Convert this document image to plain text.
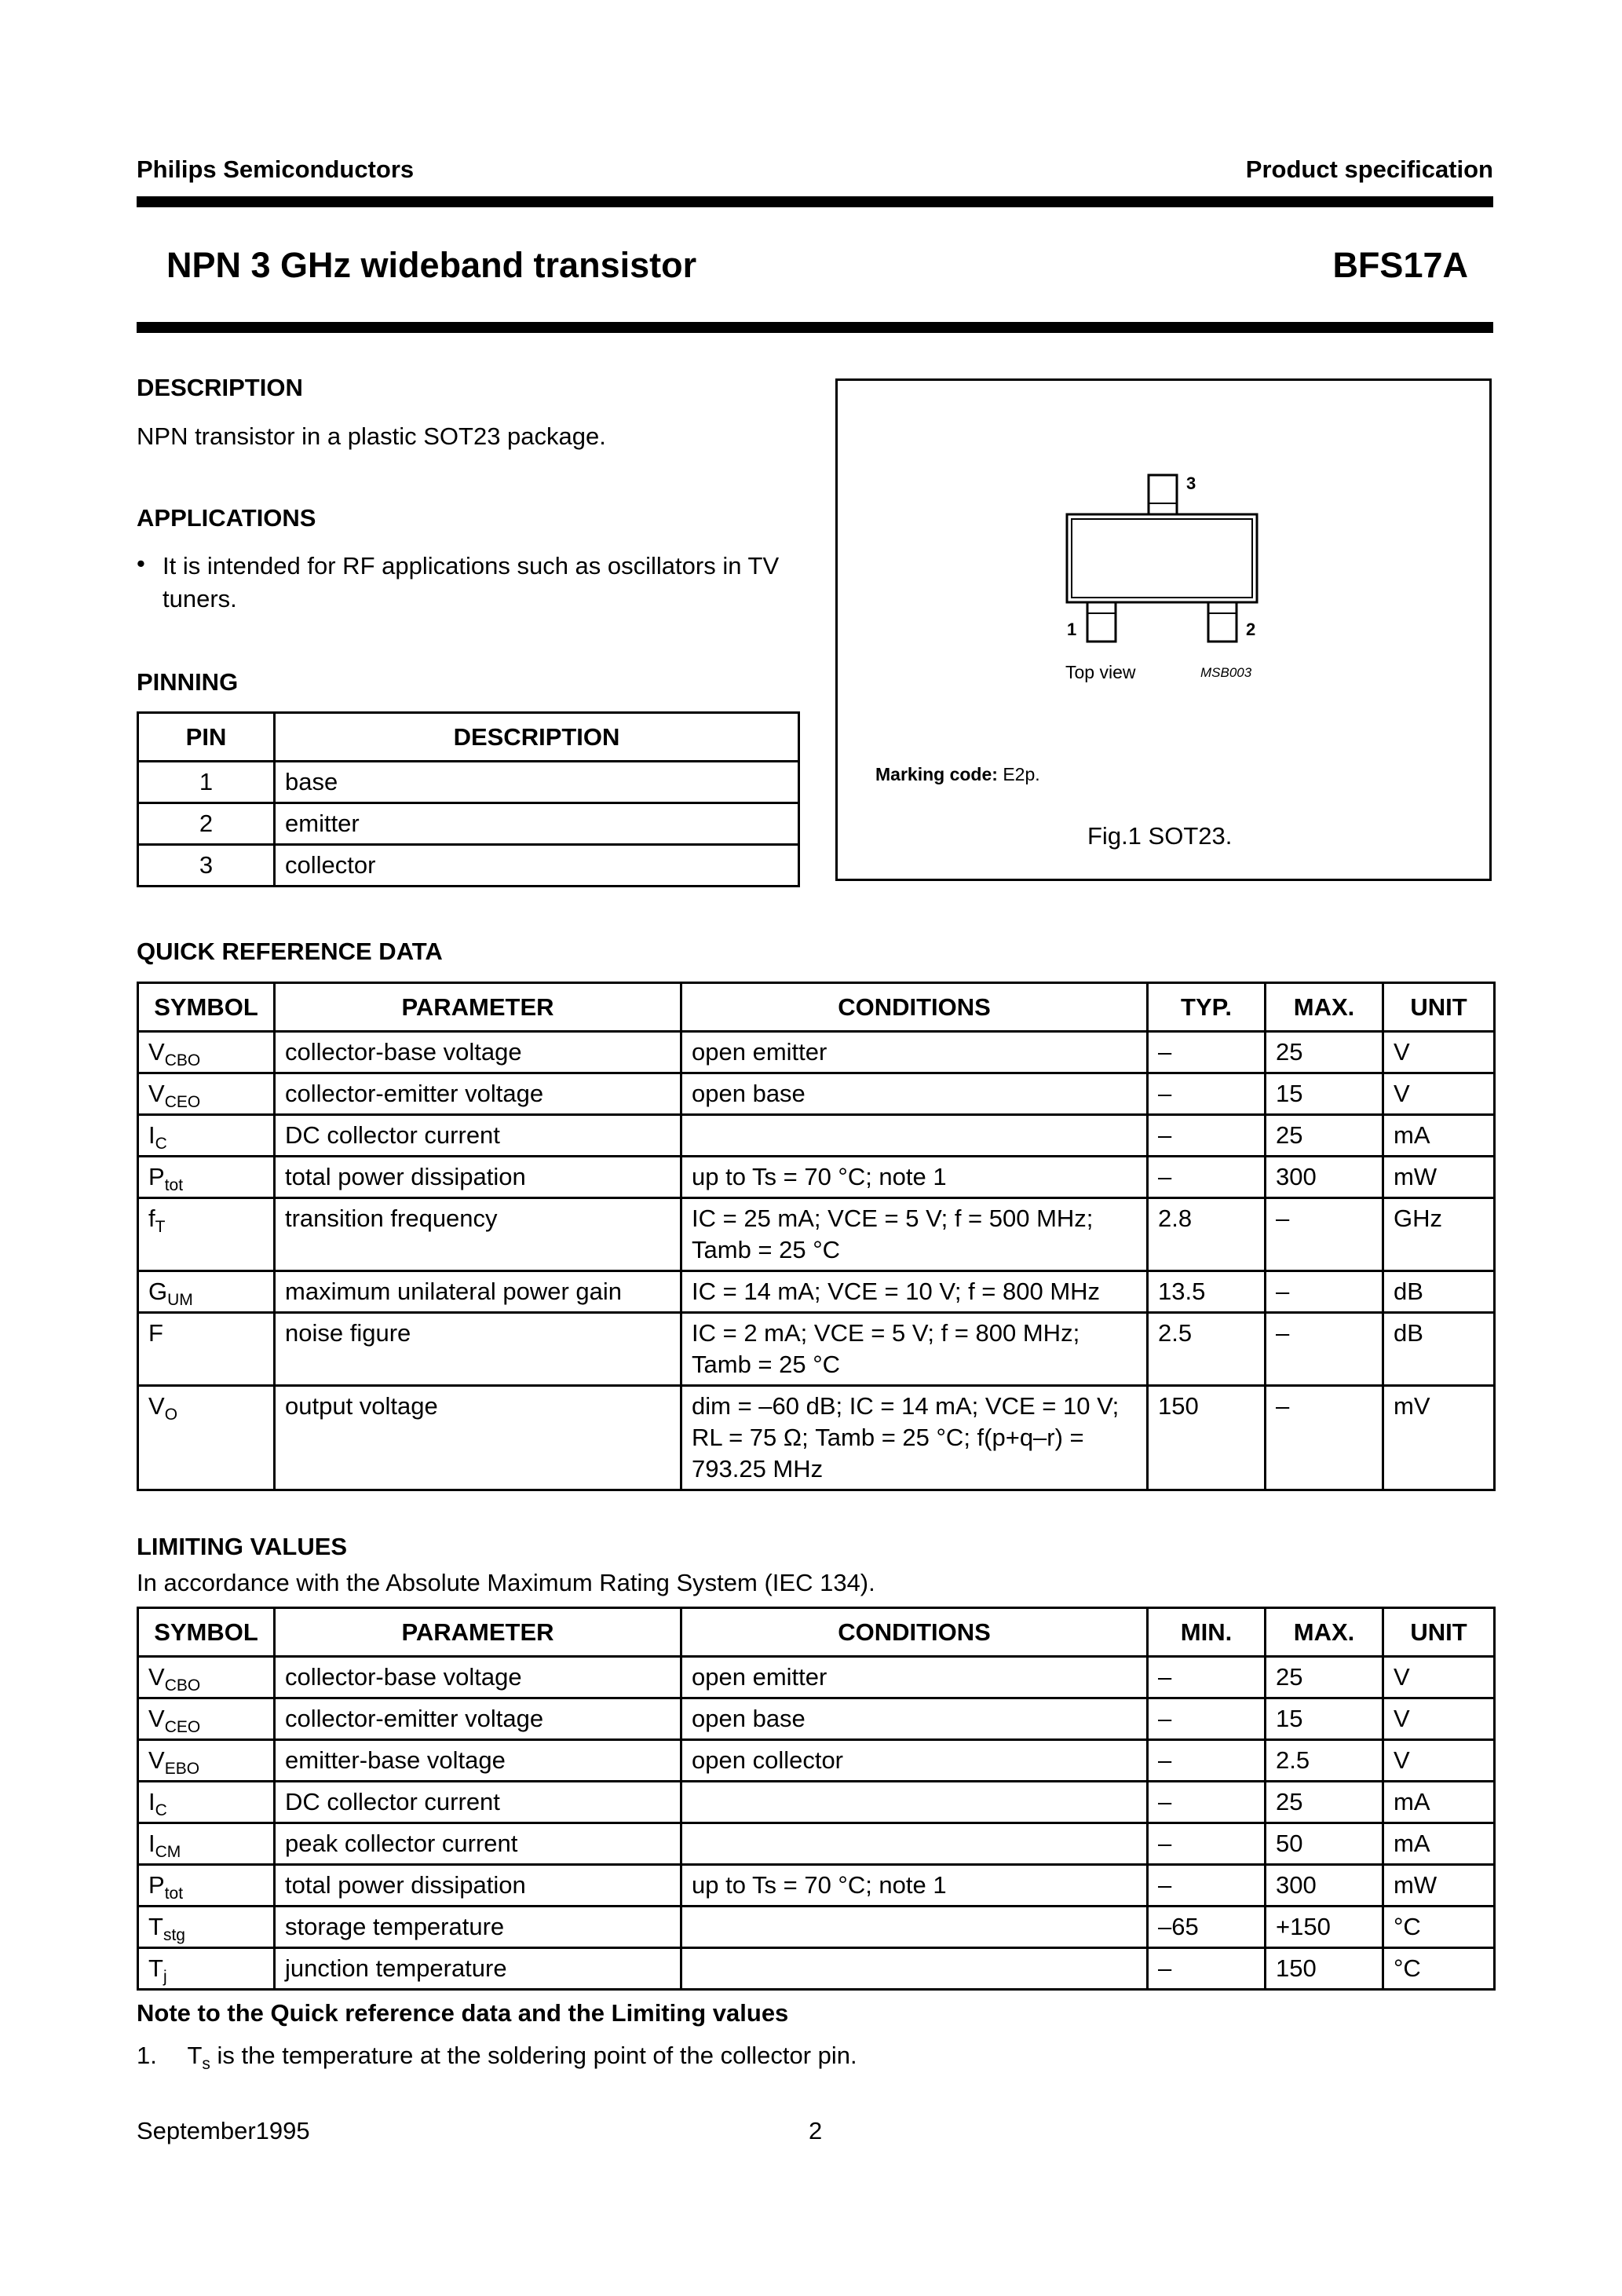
Philips Semiconductors	Product specification
NPN 3 GHz wideband transistor	BFS17A
DESCRIPTION
NPN transistor in a plastic SOT23 package.
APPLICATIONS
• It is intended for RF applications such as oscillators in TV tuners.
PINNING
PIN	DESCRIPTION
1	base
2	emitter
3	collector
3
1	2
Top view	MSB003
Marking code: E2p.
Fig.1 SOT23.
QUICK REFERENCE DATA
SYMBOL	PARAMETER	CONDITIONS	TYP.	MAX.	UNIT
$V_{CBO}$	collector-base voltage	open emitter	–	25	V
$V_{CEO}$	collector-emitter voltage	open base	–	15	V
$I_C$	DC collector current		–	25	mA
$P_{tot}$	total power dissipation	up to Ts = 70 °C; note 1	–	300	mW
$f_T$	transition frequency	IC = 25 mA; VCE = 5 V; f = 500 MHz; Tamb = 25 °C	2.8	–	GHz
$G_{UM}$	maximum unilateral power gain	IC = 14 mA; VCE = 10 V; f = 800 MHz	13.5	–	dB
F	noise figure	IC = 2 mA; VCE = 5 V; f = 800 MHz; Tamb = 25 °C	2.5	–	dB
$V_O$	output voltage	dim = –60 dB; IC = 14 mA; VCE = 10 V; RL = 75 Ω; Tamb = 25 °C; f(p+q–r) = 793.25 MHz	150	–	mV
LIMITING VALUES
In accordance with the Absolute Maximum Rating System (IEC 134).
SYMBOL	PARAMETER	CONDITIONS	MIN.	MAX.	UNIT
$V_{CBO}$	collector-base voltage	open emitter	–	25	V
$V_{CEO}$	collector-emitter voltage	open base	–	15	V
$V_{EBO}$	emitter-base voltage	open collector	–	2.5	V
$I_C$	DC collector current		–	25	mA
$I_{CM}$	peak collector current		–	50	mA
$P_{tot}$	total power dissipation	up to Ts = 70 °C; note 1	–	300	mW
$T_{stg}$	storage temperature		–65	+150	°C
$T_j$	junction temperature		–	150	°C
Note to the Quick reference data and the Limiting values
1. $T_s$ is the temperature at the soldering point of the collector pin.
September1995	2
